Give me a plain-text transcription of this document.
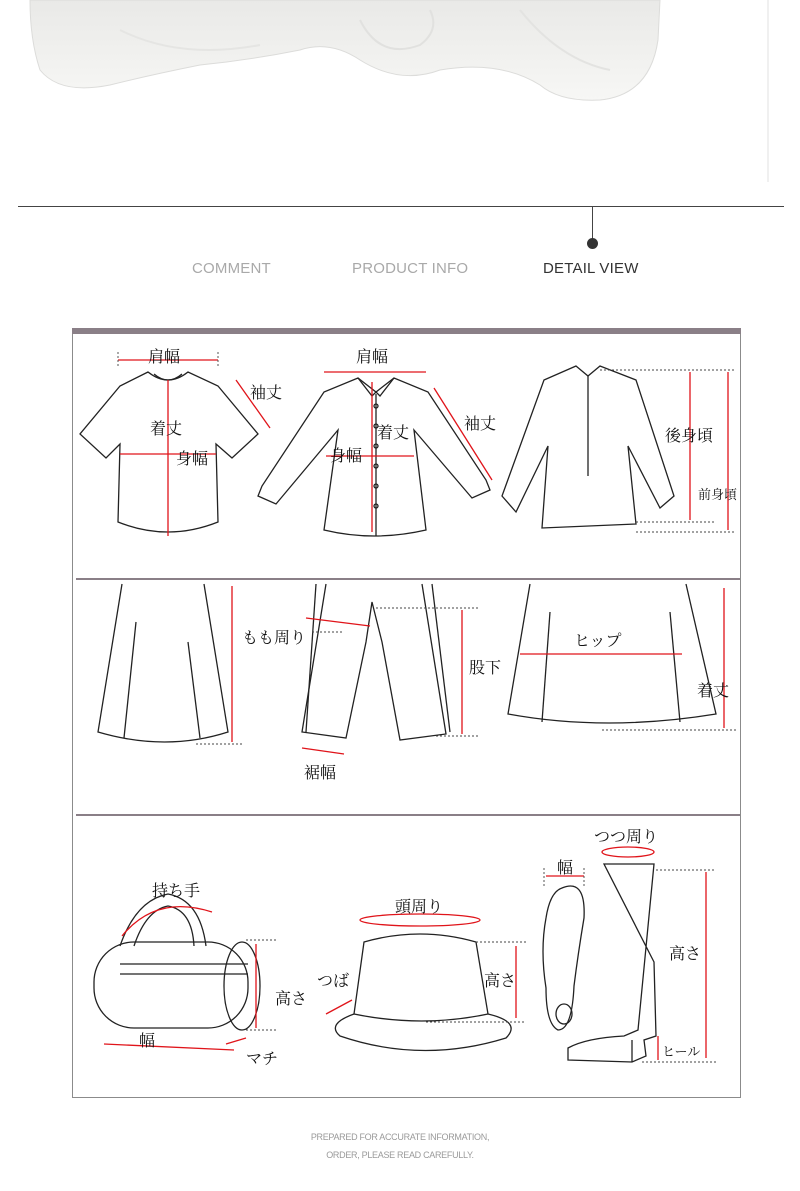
COMMENT	PRODUCT INFO	DETAIL VIEW
肩幅
着丈
身幅
袖丈
肩幅
着丈
身幅
袖丈
後身頃
前身頃
もも周り
裾幅
股下
ヒップ
着丈
持ち手
高さ
幅
マチ
頭周り
つば	高さ
つつ周り
幅
高さ
ヒール
PREPARED FOR ACCURATE INFORMATION,
ORDER, PLEASE READ CAREFULLY.
